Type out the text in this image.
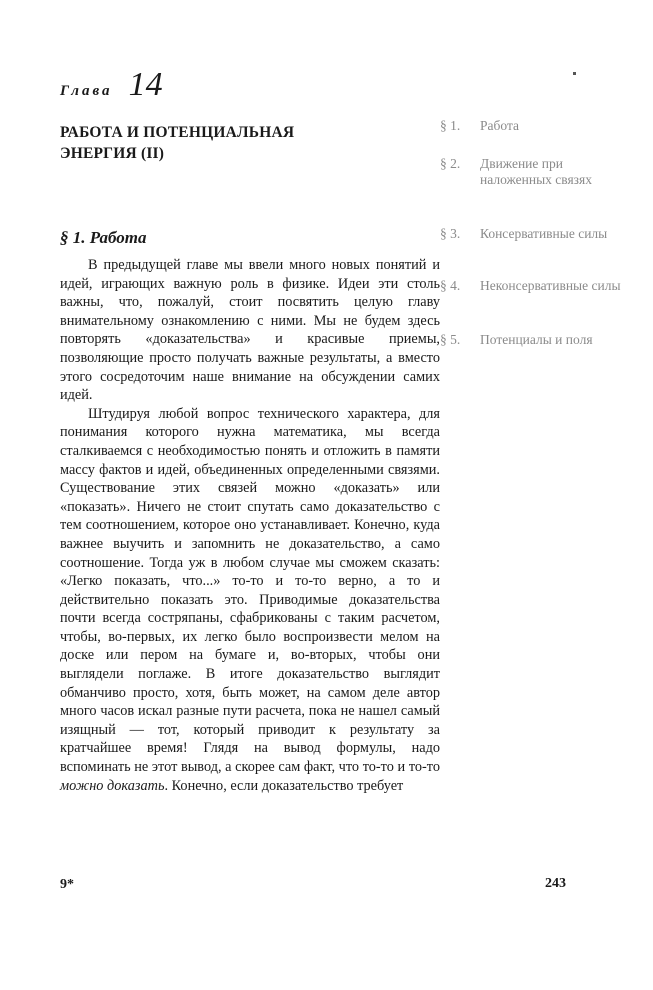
Глава 14
РАБОТА И ПОТЕНЦИАЛЬНАЯ ЭНЕРГИЯ (II)
§ 1.	Работа
§ 2.	Движение при наложенных связях
§ 3.	Консервативные силы
§ 4.	Неконсервативные силы
§ 5.	Потенциалы и поля
§ 1. Работа

В предыдущей главе мы ввели много новых понятий и идей, играющих важную роль в физике. Идеи эти столь важны, что, пожалуй, стоит посвятить целую главу внимательному ознакомлению с ними. Мы не будем здесь повторять «доказательства» и красивые приемы, позволяющие просто получать важные результаты, а вместо этого сосредоточим наше внимание на обсуждении самих идей.

Штудируя любой вопрос технического характера, для понимания которого нужна математика, мы всегда сталкиваемся с необходимостью понять и отложить в памяти массу фактов и идей, объединенных определенными связями. Существование этих связей можно «доказать» или «показать». Ничего не стоит спутать само доказательство с тем соотношением, которое оно устанавливает. Конечно, куда важнее выучить и запомнить не доказательство, а само соотношение. Тогда уж в любом случае мы сможем сказать: «Легко показать, что...» то-то и то-то верно, а то и действительно показать это. Приводимые доказательства почти всегда состряпаны, сфабрикованы с таким расчетом, чтобы, во-первых, их легко было воспроизвести мелом на доске или пером на бумаге и, во-вторых, чтобы они выглядели поглаже. В итоге доказательство выглядит обманчиво просто, хотя, быть может, на самом деле автор много часов искал разные пути расчета, пока не нашел самый изящный — тот, который приводит к результату за кратчайшее время! Глядя на вывод формулы, надо вспоминать не этот вывод, а скорее сам факт, что то-то и то-то можно доказать. Конечно, если доказательство требует

9*	243
